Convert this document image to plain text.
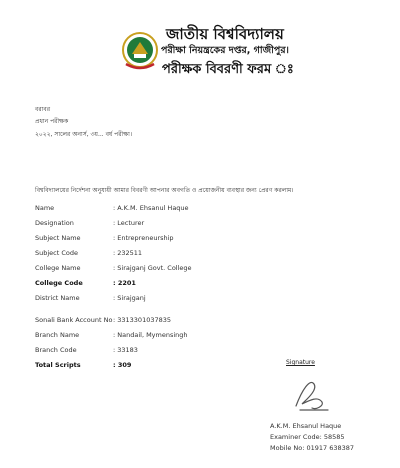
জাতীয় বিশ্ববিদ্যালয়
পরীক্ষা নিয়ন্ত্রকের দপ্তর, গাজীপুর।
পরীক্ষক বিবরণী ফরম ঃ
বরাবর
প্রধান পরীক্ষক
২০২২, সালের অনার্স, ৩য়... বর্ষ পরীক্ষা।
বিশ্ববিদ্যালয়ের নির্দেশনা অনুযায়ী আমার বিবরণী আপনার অবগতি ও প্রয়োজনীয় ব্যবস্থার জন্য প্রেরণ করলাম।
Name	: A.K.M. Ehsanul Haque
Designation	: Lecturer
Subject Name	: Entrepreneurship
Subject Code	: 232511
College Name	: Sirajganj Govt. College
College Code	: 2201
District Name	: Sirajganj
Sonali Bank Account No : 3313301037835
Branch Name	: Nandail, Mymensingh
Branch Code	: 33183
Total Scripts	: 309	Signature
A.K.M. Ehsanul Haque
Examiner Code: 58585
Mobile No: 01917 638387
